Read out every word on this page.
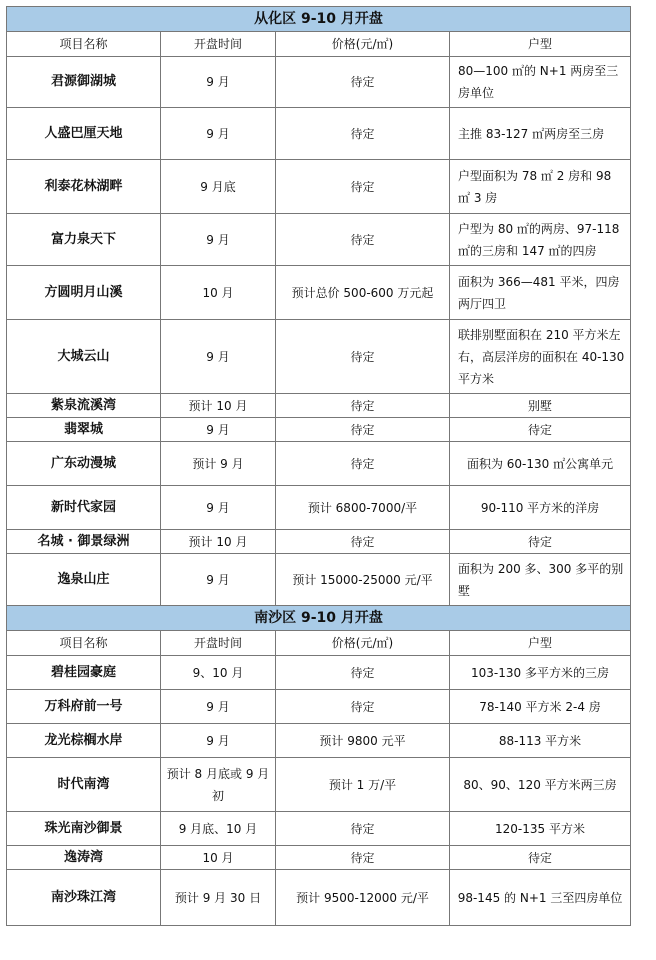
从化区 9-10 月开盘			
项目名称	开盘时间	价格(元/㎡)	户型
君源御湖城	9 月	待定	80—100 ㎡的 N+1 两房至三房单位
人盛巴厘天地	9 月	待定	主推 83-127 ㎡两房至三房
利泰花林湖畔	9 月底	待定	户型面积为 78 ㎡ 2 房和 98 ㎡ 3 房
富力泉天下	9 月	待定	户型为 80 ㎡的两房、97-118 ㎡的三房和 147 ㎡的四房
方圆明月山溪	10 月	预计总价 500-600 万元起	面积为 366—481 平米，四房两厅四卫
大城云山	9 月	待定	联排别墅面积在 210 平方米左右，高层洋房的面积在 40-130 平方米
紫泉流溪湾	预计 10 月	待定	别墅
翡翠城	9 月	待定	待定
广东动漫城	预计 9 月	待定	面积为 60-130 ㎡公寓单元
新时代家园	9 月	预计 6800-7000/平	90-110 平方米的洋房
名城 · 御景绿洲	预计 10 月	待定	待定
逸泉山庄	9 月	预计 15000-25000 元/平	面积为 200 多、300 多平的别墅
南沙区 9-10 月开盘			
项目名称	开盘时间	价格(元/㎡)	户型
碧桂园豪庭	9、10 月	待定	103-130 多平方米的三房
万科府前一号	9 月	待定	78-140 平方米 2-4 房
龙光棕榈水岸	9 月	预计 9800 元平	88-113 平方米
时代南湾	预计 8 月底或 9 月初	预计 1 万/平	80、90、120 平方米两三房
珠光南沙御景	9 月底、10 月	待定	120-135 平方米
逸涛湾	10 月	待定	待定
南沙珠江湾	预计 9 月 30 日	预计 9500-12000 元/平	98-145 的 N+1 三至四房单位
